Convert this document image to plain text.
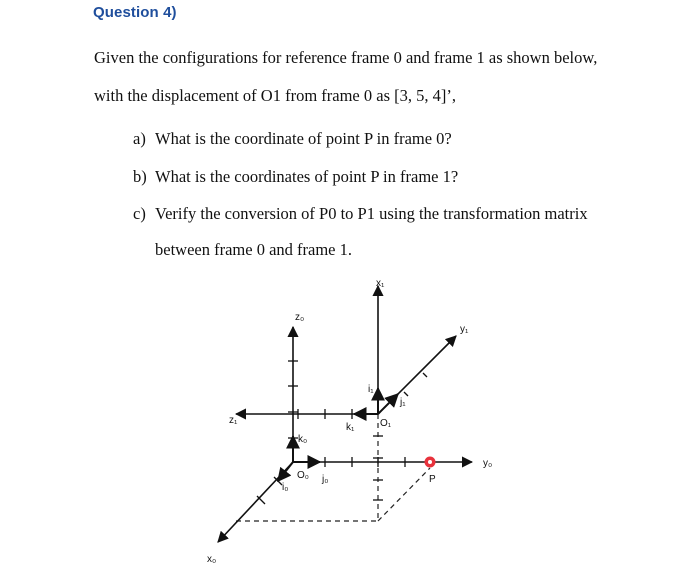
Question 4)

Given the configurations for reference frame 0 and frame 1 as shown below,

with the displacement of O1 from frame 0 as [3, 5, 4]’,

a) What is the coordinate of point P in frame 0?

b) What is the coordinates of point P in frame 1?

c) Verify the conversion of P0 to P1 using the transformation matrix

between frame 0 and frame 1.

z₀
y₀
x₀
k₀
j₀
i₀
O₀
x₁
y₁
z₁	O₁
i₁
j₁
k₁
P
